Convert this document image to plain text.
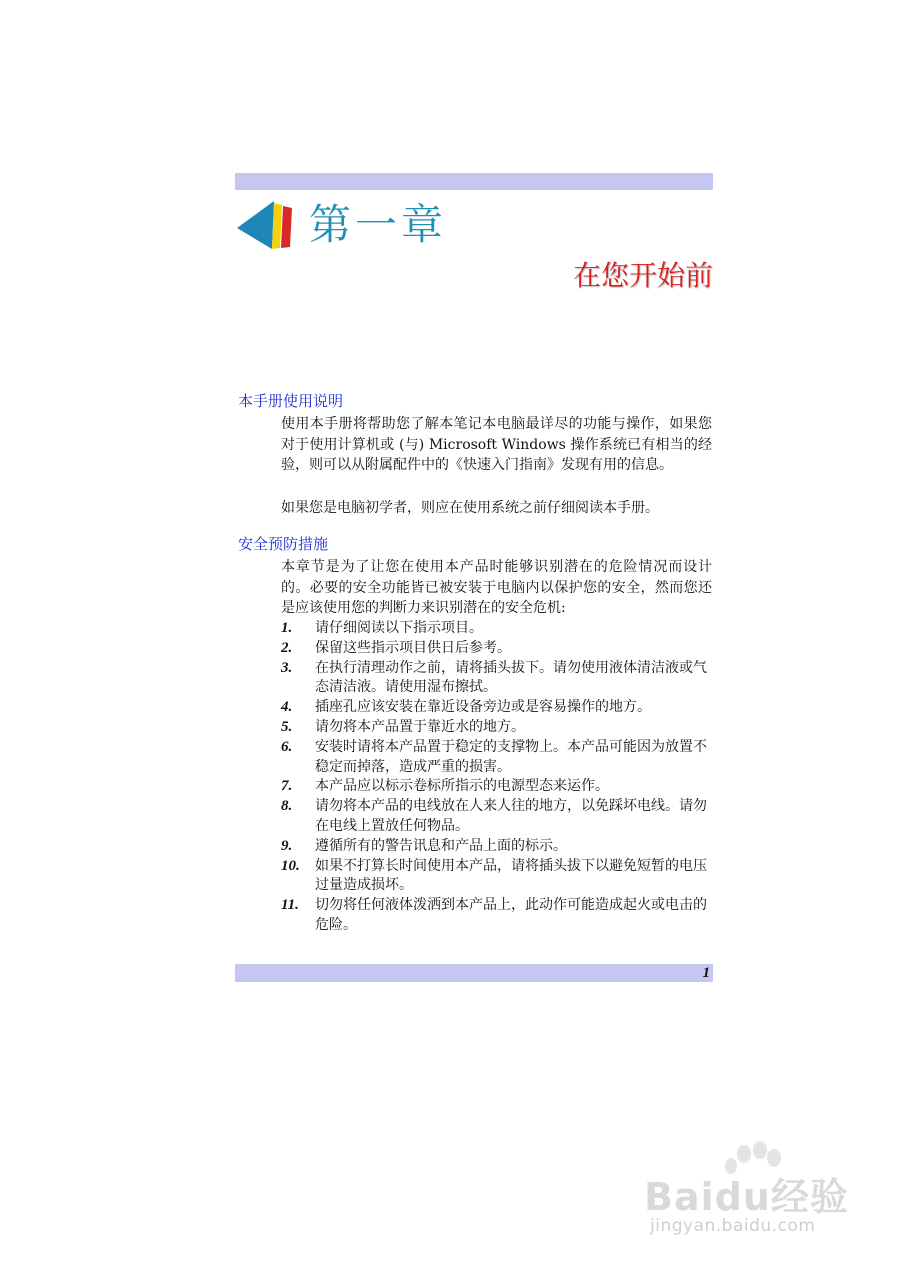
第一章
在您开始前
本手册使用说明

使用本手册将帮助您了解本笔记本电脑最详尽的功能与操作，如果您对于使用计算机或 (与) Microsoft Windows 操作系统已有相当的经验，则可以从附属配件中的《快速入门指南》发现有用的信息。

如果您是电脑初学者，则应在使用系统之前仔细阅读本手册。

安全预防措施

本章节是为了让您在使用本产品时能够识别潜在的危险情况而设计的。必要的安全功能皆已被安装于电脑内以保护您的安全，然而您还是应该使用您的判断力来识别潜在的安全危机:

1.	请仔细阅读以下指示项目。
2.	保留这些指示项目供日后参考。
3.	在执行清理动作之前，请将插头拔下。请勿使用液体清洁液或气态清洁液。请使用湿布擦拭。
4.	插座孔应该安装在靠近设备旁边或是容易操作的地方。
5.	请勿将本产品置于靠近水的地方。
6.	安装时请将本产品置于稳定的支撑物上。本产品可能因为放置不稳定而掉落，造成严重的损害。
7.	本产品应以标示卷标所指示的电源型态来运作。
8.	请勿将本产品的电线放在人来人往的地方，以免踩坏电线。请勿在电线上置放任何物品。
9.	遵循所有的警告讯息和产品上面的标示。
10.	如果不打算长时间使用本产品，请将插头拔下以避免短暂的电压过量造成损坏。
11.	切勿将任何液体泼洒到本产品上，此动作可能造成起火或电击的危险。
1
Baidu经验
jingyan.baidu.com
